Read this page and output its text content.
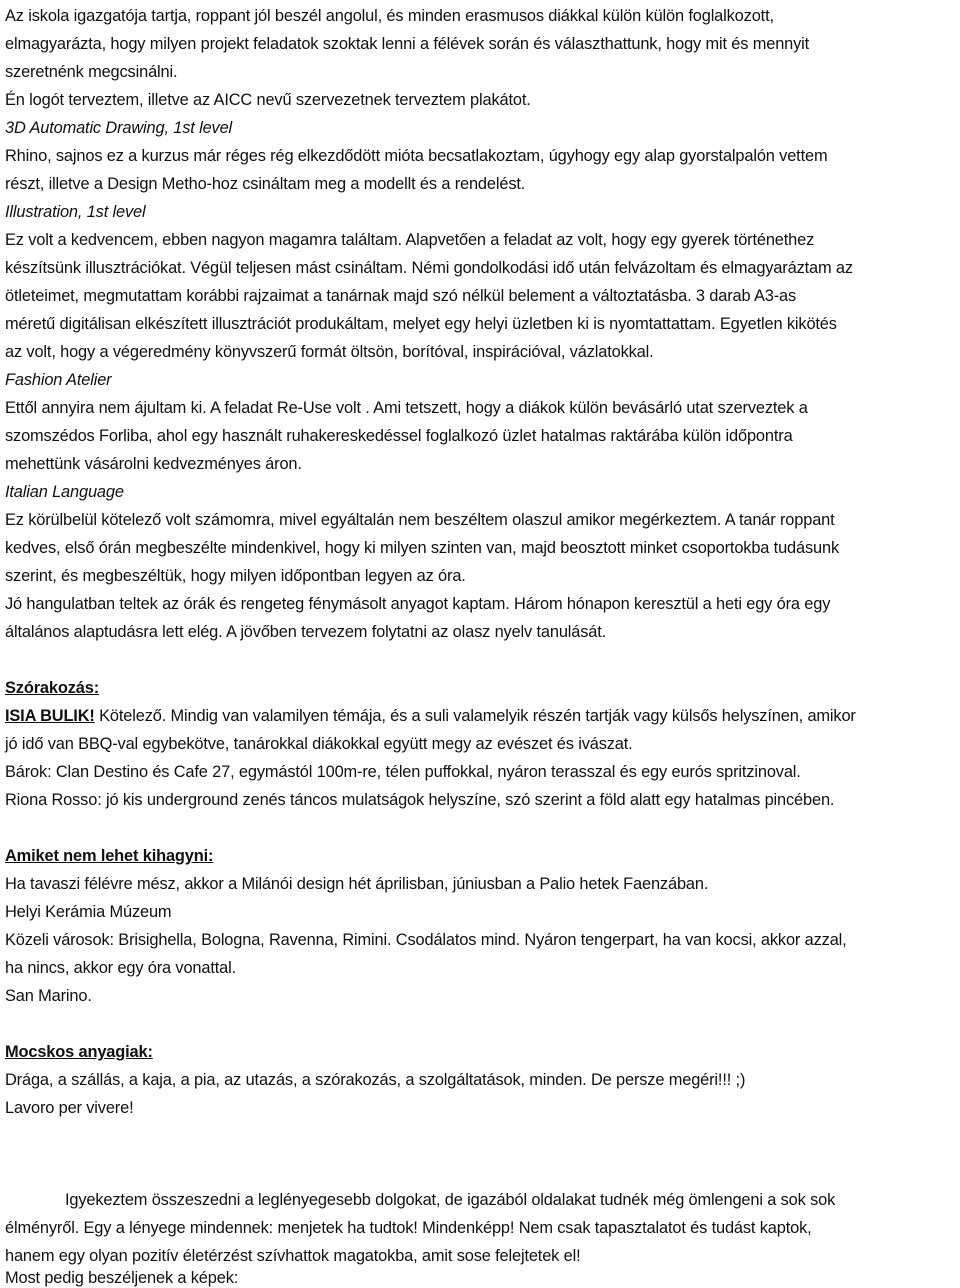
Az iskola igazgatója tartja, roppant jól beszél angolul, és minden erasmusos diákkal külön külön foglalkozott,
elmagyarázta, hogy milyen projekt feladatok szoktak lenni a félévek során és választhattunk, hogy mit és mennyit
szeretnénk megcsinálni.
Én logót terveztem, illetve az AICC nevű szervezetnek terveztem plakátot.
3D Automatic Drawing, 1st level
Rhino, sajnos ez a kurzus már réges rég elkezdődött mióta becsatlakoztam, úgyhogy egy alap gyorstalpalón vettem
részt, illetve a Design Metho-hoz csináltam meg a modellt és a rendelést.
Illustration, 1st level
Ez volt a kedvencem, ebben nagyon magamra találtam. Alapvetően a feladat az volt, hogy egy gyerek történethez
készítsünk illusztrációkat. Végül teljesen mást csináltam. Némi gondolkodási idő után felvázoltam és elmagyaráztam az
ötleteimet, megmutattam korábbi rajzaimat a tanárnak majd szó nélkül belement a változtatásba. 3 darab A3-as
méretű digitálisan elkészített illusztrációt produkáltam, melyet egy helyi üzletben ki is nyomtattattam. Egyetlen kikötés
az volt, hogy a végeredmény könyvszerű formát öltsön, borítóval, inspirációval, vázlatokkal.
Fashion Atelier
Ettől annyira nem ájultam ki. A feladat Re-Use volt . Ami tetszett, hogy a diákok külön bevásárló utat szerveztek a
szomszédos Forliba, ahol egy használt ruhakereskedéssel foglalkozó üzlet hatalmas raktárába külön időpontra
mehettünk vásárolni kedvezményes áron.
Italian Language
Ez körülbelül kötelező volt számomra, mivel egyáltalán nem beszéltem olaszul amikor megérkeztem. A tanár roppant
kedves, első órán megbeszélte mindenkivel, hogy ki milyen szinten van, majd beosztott minket csoportokba tudásunk
szerint, és megbeszéltük, hogy milyen időpontban legyen az óra.
Jó hangulatban teltek az órák és rengeteg fénymásolt anyagot kaptam. Három hónapon keresztül a heti egy óra egy
általános alaptudásra lett elég. A jövőben tervezem folytatni az olasz nyelv tanulását.
Szórakozás:
ISIA BULIK! Kötelező. Mindig van valamilyen témája, és a suli valamelyik részén tartják vagy külsős helyszínen, amikor
jó idő van BBQ-val egybekötve, tanárokkal diákokkal együtt megy az evészet és ivászat.
Bárok: Clan Destino és Cafe 27, egymástól 100m-re, télen puffokkal, nyáron terasszal és egy eurós spritzinoval.
Riona Rosso: jó kis underground zenés táncos mulatságok helyszíne, szó szerint a föld alatt egy hatalmas pincében.
Amiket nem lehet kihagyni:
Ha tavaszi félévre mész, akkor a Milánói design hét áprilisban, júniusban a Palio hetek Faenzában.
Helyi Kerámia Múzeum
Közeli városok: Brisighella, Bologna, Ravenna, Rimini. Csodálatos mind. Nyáron tengerpart, ha van kocsi, akkor azzal,
ha nincs, akkor egy óra vonattal.
San Marino.
Mocskos anyagiak:
Drága, a szállás, a kaja, a pia, az utazás, a szórakozás, a szolgáltatások, minden. De persze megéri!!! ;)
Lavoro per vivere!
Igyekeztem összeszedni a leglényegesebb dolgokat, de igazából oldalakat tudnék még ömlengeni a sok sok
élményről. Egy a lényege mindennek: menjetek ha tudtok! Mindenképp! Nem csak tapasztalatot és tudást kaptok,
hanem egy olyan pozitív életérzést szívhattok magatokba, amit sose felejtetek el!
Most pedig beszéljenek a képek:
